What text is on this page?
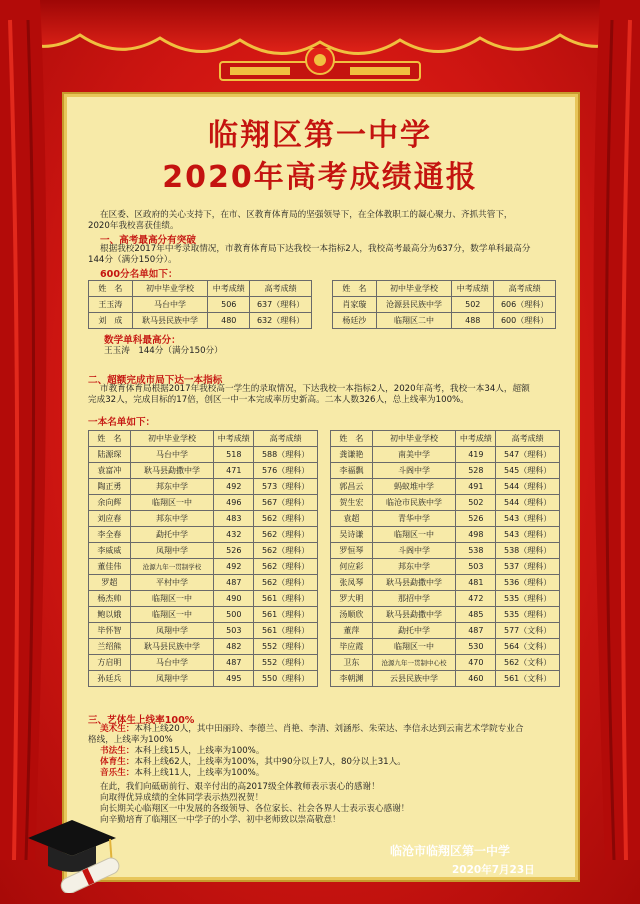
临翔区第一中学
2020年高考成绩通报
在区委、区政府的关心支持下，在市、区教育体育局的坚强领导下，在全体教职工的凝心聚力、齐抓共管下，
2020年我校喜获佳绩。
一、高考最高分有突破
根据我校2017年中考录取情况，市教育体育局下达我校一本指标2人，我校高考最高分为637分，数学单科最高分
144分（满分150分）。
600分名单如下：
姓　名	初中毕业学校	中考成绩	高考成绩
王玉涛	马台中学	506	637（理科）
刘　成	耿马县民族中学	480	632（理科）
姓　名	初中毕业学校	中考成绩	高考成绩
肖家璇	沧源县民族中学	502	606（理科）
杨廷沙	临翔区二中	488	600（理科）
数学单科最高分：
王玉涛　144分（满分150分）
二、超额完成市局下达一本指标
市教育体育局根据2017年我校高一学生的录取情况，下达我校一本指标2人，2020年高考，我校一本34人，超额
完成32人，完成目标的17倍，创区一中一本完成率历史新高。二本人数326人，总上线率为100%。
一本名单如下：
姓　名	初中毕业学校	中考成绩	高考成绩
陆源琛	马台中学	518	588（理科）
袁富冲	耿马县勐撒中学	471	576（理科）
陶正勇	邦东中学	492	573（理科）
余向辉	临翔区一中	496	567（理科）
刘应春	邦东中学	483	562（理科）
李全春	勐托中学	432	562（理科）
李威威	凤翔中学	526	562（理科）
董佳伟	沧源九年一贯制学校	492	562（理科）
罗超	平村中学	487	562（理科）
杨杰帅	临翔区一中	490	561（理科）
鲍以娥	临翔区一中	500	561（理科）
毕怀智	凤翔中学	503	561（理科）
兰绍熊	耿马县民族中学	482	552（理科）
方启明	马台中学	487	552（理科）
孙廷兵	凤翔中学	495	550（理科）
姓　名	初中毕业学校	中考成绩	高考成绩
龚谦艳	南美中学	419	547（理科）
李福飘	斗阁中学	528	545（理科）
郭昌云	蚂蚁堆中学	491	544（理科）
贺生宏	临沧市民族中学	502	544（理科）
袁超	青华中学	526	543（理科）
吴诗谦	临翔区一中	498	543（理科）
罗恒琴	斗阁中学	538	538（理科）
何应彩	邦东中学	503	537（理科）
张凤琴	耿马县勐撒中学	481	536（理科）
罗大明	那招中学	472	535（理科）
汤顺欣	耿马县勐撒中学	485	535（理科）
董萍	勐托中学	487	577（文科）
毕应霞	临翔区一中	530	564（文科）
卫东	沧源九年一贯制中心校	470	562（文科）
李朝渊	云县民族中学	460	561（文科）
三、艺体生上线率100%
美术生：本科上线20人，其中田丽玲、李德兰、肖艳、李清、刘涵彤、朱荣达、李信永达到云南艺术学院专业合
格线，上线率为100%
书法生：本科上线15人，上线率为100%。
体育生：本科上线62人，上线率为100%，其中90分以上7人，80分以上31人。
音乐生：本科上线11人，上线率为100%。
在此，我们向砥砺前行、艰辛付出的高2017级全体教师表示衷心的感谢！
向取得优异成绩的全体同学表示热烈祝贺！
向长期关心临翔区一中发展的各级领导、各位家长、社会各界人士表示衷心感谢！
向辛勤培育了临翔区一中学子的小学、初中老师致以崇高敬意！
临沧市临翔区第一中学
2020年7月23日
